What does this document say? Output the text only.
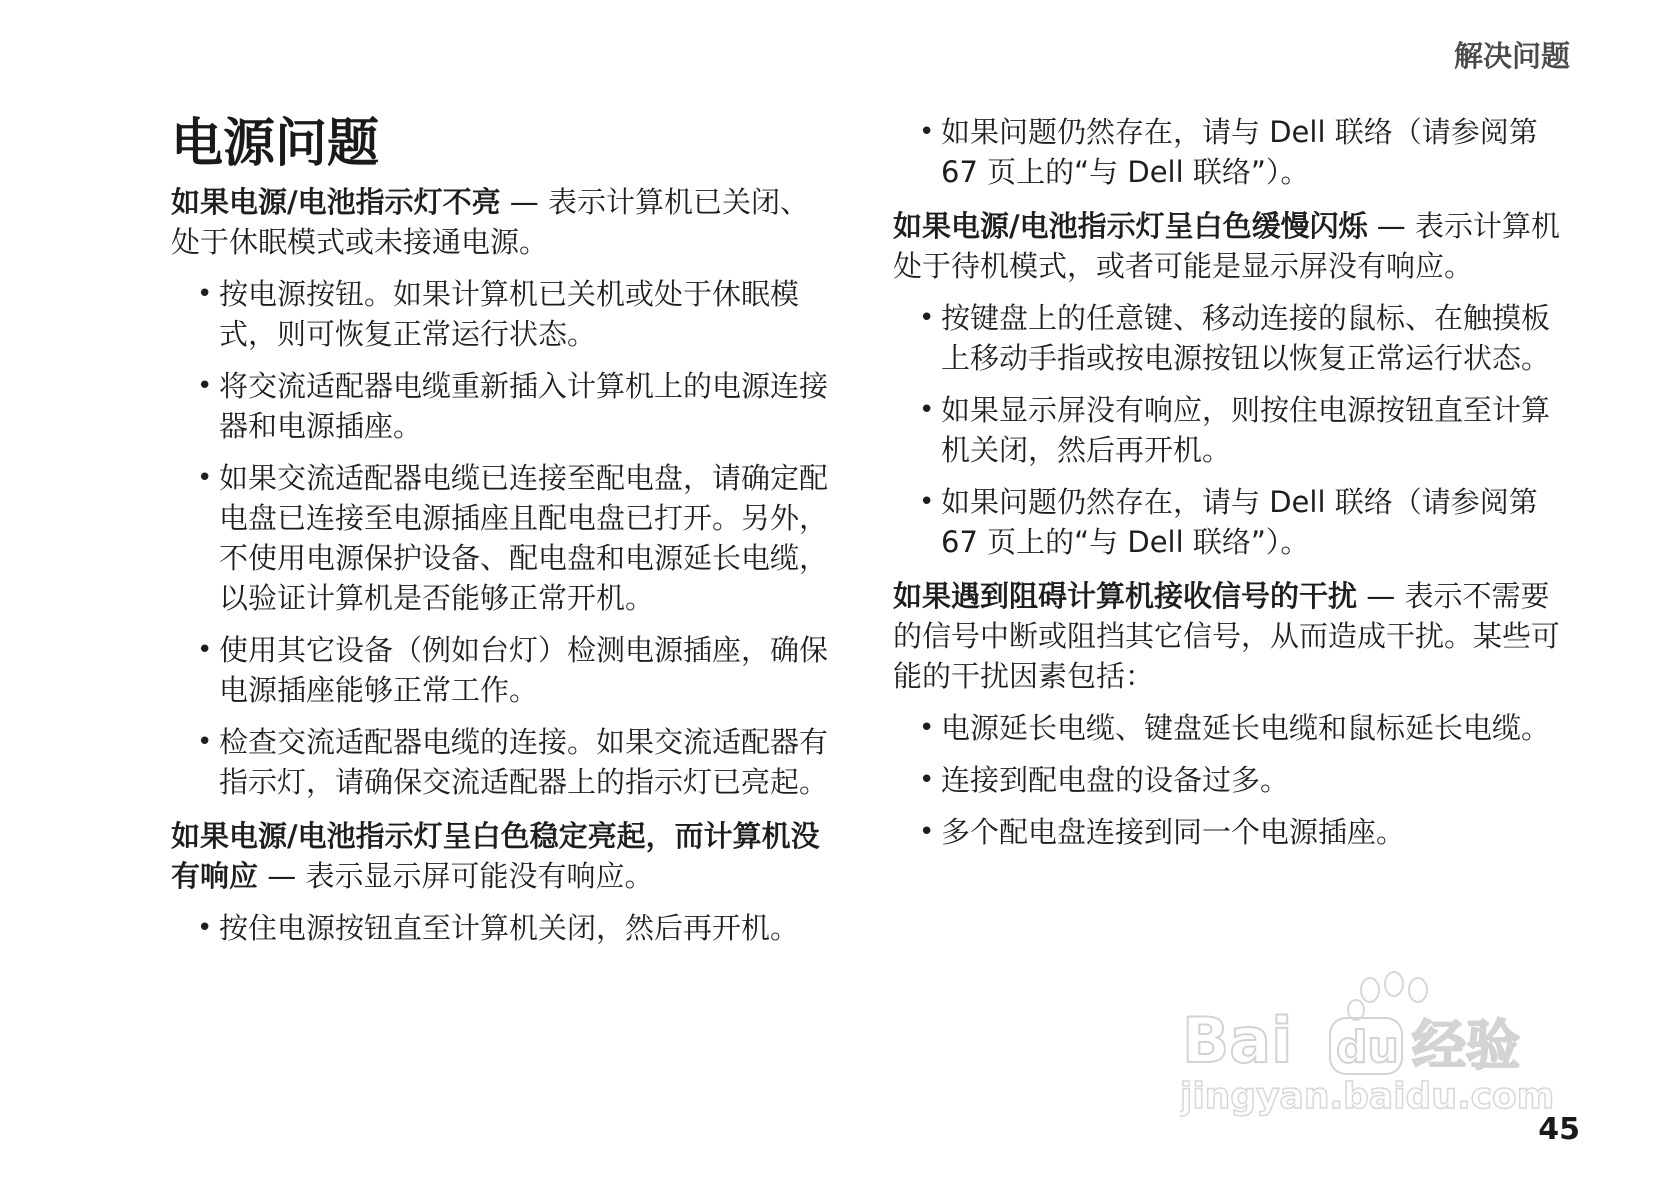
解决问题
电源问题

如果电源/电池指示灯不亮 — 表示计算机已关闭、处于休眠模式或未接通电源。

• 按电源按钮。如果计算机已关机或处于休眠模式，则可恢复正常运行状态。
• 将交流适配器电缆重新插入计算机上的电源连接器和电源插座。
• 如果交流适配器电缆已连接至配电盘，请确定配电盘已连接至电源插座且配电盘已打开。另外，不使用电源保护设备、配电盘和电源延长电缆，以验证计算机是否能够正常开机。
• 使用其它设备（例如台灯）检测电源插座，确保电源插座能够正常工作。
• 检查交流适配器电缆的连接。如果交流适配器有指示灯，请确保交流适配器上的指示灯已亮起。

如果电源/电池指示灯呈白色稳定亮起，而计算机没有响应 — 表示显示屏可能没有响应。

• 按住电源按钮直至计算机关闭，然后再开机。
• 如果问题仍然存在，请与 Dell 联络（请参阅第 67 页上的“与 Dell 联络”）。

如果电源/电池指示灯呈白色缓慢闪烁 — 表示计算机处于待机模式，或者可能是显示屏没有响应。

• 按键盘上的任意键、移动连接的鼠标、在触摸板上移动手指或按电源按钮以恢复正常运行状态。
• 如果显示屏没有响应，则按住电源按钮直至计算机关闭，然后再开机。
• 如果问题仍然存在，请与 Dell 联络（请参阅第 67 页上的“与 Dell 联络”）。

如果遇到阻碍计算机接收信号的干扰 — 表示不需要的信号中断或阻挡其它信号，从而造成干扰。某些可能的干扰因素包括：

• 电源延长电缆、键盘延长电缆和鼠标延长电缆。
• 连接到配电盘的设备过多。
• 多个配电盘连接到同一个电源插座。
Bai du 经验
jingyan.baidu.com
45
